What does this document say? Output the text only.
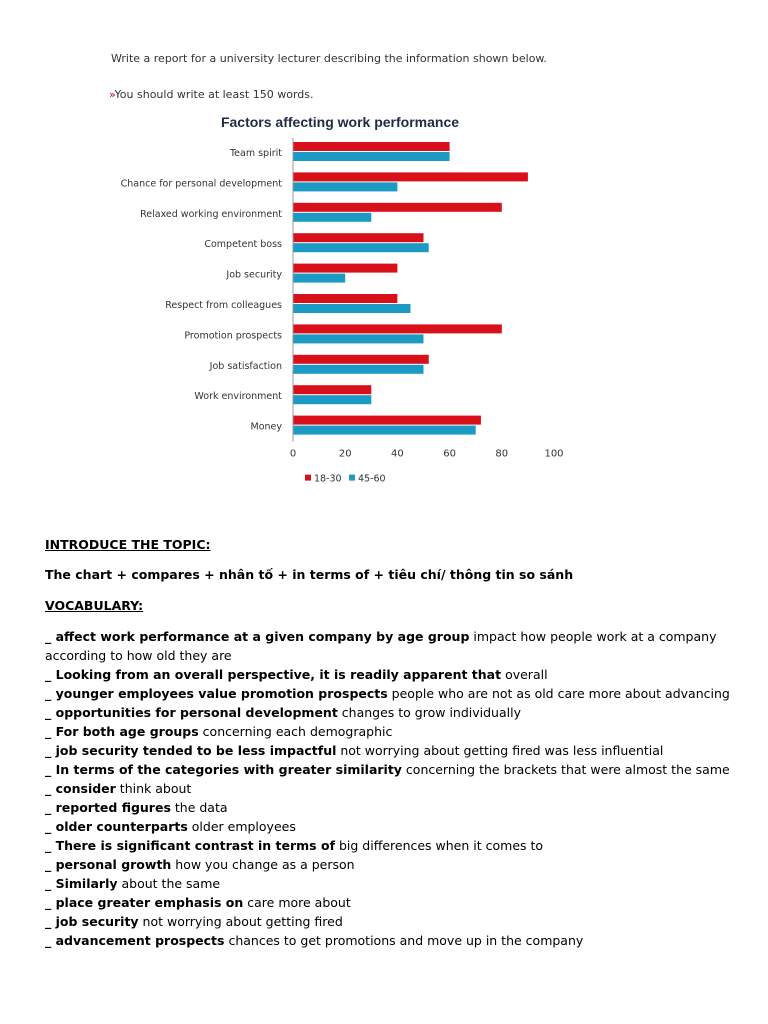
Write a report for a university lecturer describing the information shown below.
»You should write at least 150 words.
Factors affecting work performance
Team spirit
Chance for personal development
Relaxed working environment
Competent boss
Job security
Respect from colleagues
Promotion prospects
Job satisfaction
Work environment
Money
0	20	40	60	80	100
18-30 45-60
INTRODUCE THE TOPIC:
The chart + compares + nhân tố + in terms of + tiêu chí/ thông tin so sánh
VOCABULARY:
_ affect work performance at a given company by age group impact how people work at a company according to how old they are
_ Looking from an overall perspective, it is readily apparent that overall
_ younger employees value promotion prospects people who are not as old care more about advancing
_ opportunities for personal development changes to grow individually
_ For both age groups concerning each demographic
_ job security tended to be less impactful not worrying about getting fired was less influential
_ In terms of the categories with greater similarity concerning the brackets that were almost the same
_ consider think about
_ reported figures the data
_ older counterparts older employees
_ There is significant contrast in terms of big differences when it comes to
_ personal growth how you change as a person
_ Similarly about the same
_ place greater emphasis on care more about
_ job security not worrying about getting fired
_ advancement prospects chances to get promotions and move up in the company
